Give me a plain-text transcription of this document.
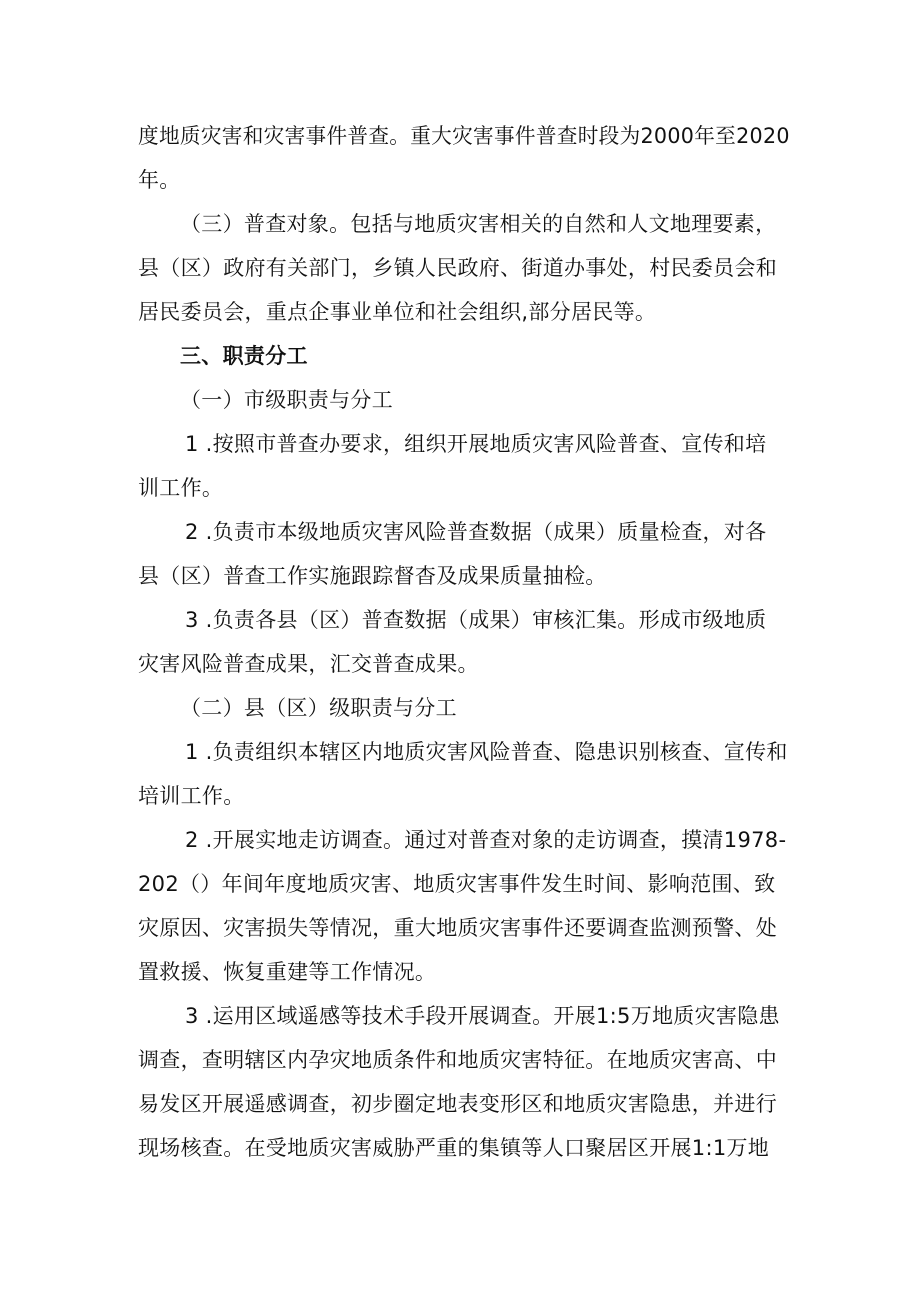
度地质灾害和灾害事件普查。重大灾害事件普查时段为2000年至2020
年。
（三）普查对象。包括与地质灾害相关的自然和人文地理要素，
县（区）政府有关部门，乡镇人民政府、街道办事处，村民委员会和
居民委员会，重点企事业单位和社会组织,部分居民等。
三、职责分工
（一）市级职责与分工
1 .按照市普查办要求，组织开展地质灾害风险普查、宣传和培
训工作。
2 .负责市本级地质灾害风险普查数据（成果）质量检查，对各
县（区）普查工作实施跟踪督杳及成果质量抽检。
3 .负责各县（区）普查数据（成果）审核汇集。形成市级地质
灾害风险普查成果，汇交普查成果。
（二）县（区）级职责与分工
1 .负责组织本辖区内地质灾害风险普查、隐患识别核查、宣传和
培训工作。
2 .开展实地走访调查。通过对普查对象的走访调查，摸清1978-
202（）年间年度地质灾害、地质灾害事件发生时间、影响范围、致
灾原因、灾害损失等情况，重大地质灾害事件还要调查监测预警、处
置救援、恢复重建等工作情况。
3 .运用区域遥感等技术手段开展调查。开展1:5万地质灾害隐患
调查，查明辖区内孕灾地质条件和地质灾害特征。在地质灾害高、中
易发区开展遥感调查，初步圈定地表变形区和地质灾害隐患，并进行
现场核查。在受地质灾害威胁严重的集镇等人口聚居区开展1:1万地
